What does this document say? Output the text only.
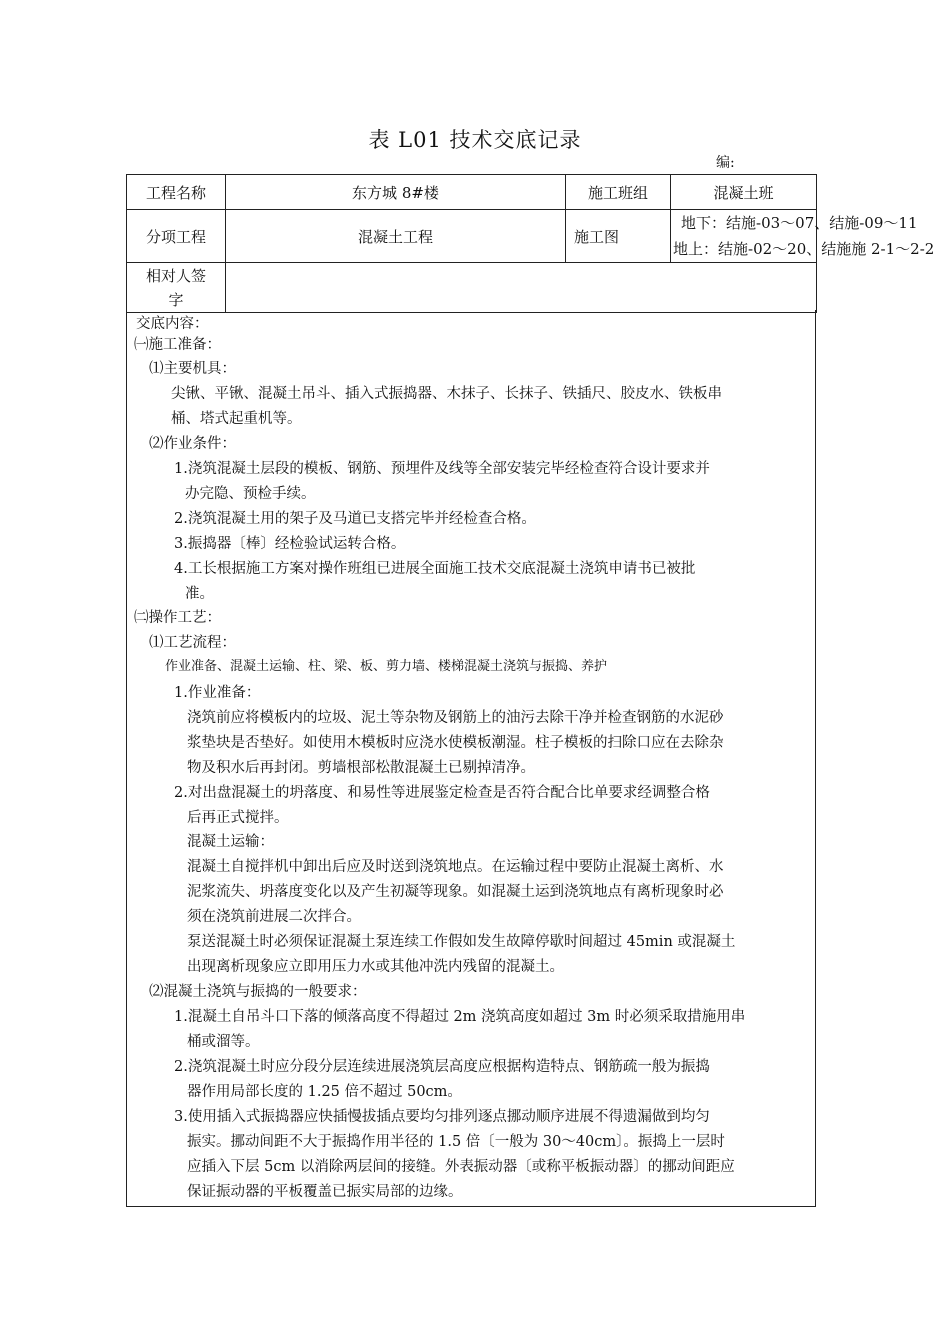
表 L01 技术交底记录
编:
工程名称	东方城 8#楼	施工班组	混凝土班
分项工程	混凝土工程	施工图	地下：结施-03～07、结施-09～11
地上：结施-02～20、结施施 2-1～2-2

相对人签
字			

交底内容：
㈠施工准备：
⑴主要机具：
尖锹、平锹、混凝土吊斗、插入式振捣器、木抹子、长抹子、铁插尺、胶皮水、铁板串
桶、塔式起重机等。
⑵作业条件：
1.浇筑混凝土层段的模板、钢筋、预埋件及线等全部安装完毕经检查符合设计要求并
办完隐、预检手续。
2.浇筑混凝土用的架子及马道已支搭完毕并经检查合格。
3.振捣器〔棒〕经检验试运转合格。
4.工长根据施工方案对操作班组已进展全面施工技术交底混凝土浇筑申请书已被批
准。
㈡操作工艺：
⑴工艺流程：
作业准备、混凝土运输、柱、梁、板、剪力墙、楼梯混凝土浇筑与振捣、养护
1.作业准备：
浇筑前应将模板内的垃圾、泥土等杂物及钢筋上的油污去除干净并检查钢筋的水泥砂
浆垫块是否垫好。如使用木模板时应浇水使模板潮湿。柱子模板的扫除口应在去除杂
物及积水后再封闭。剪墙根部松散混凝土已剔掉清净。
2.对出盘混凝土的坍落度、和易性等进展鉴定检查是否符合配合比单要求经调整合格
后再正式搅拌。
混凝土运输：
混凝土自搅拌机中卸出后应及时送到浇筑地点。在运输过程中要防止混凝土离析、水
泥浆流失、坍落度变化以及产生初凝等现象。如混凝土运到浇筑地点有离析现象时必
须在浇筑前进展二次拌合。
泵送混凝土时必须保证混凝土泵连续工作假如发生故障停歇时间超过 45min 或混凝土
出现离析现象应立即用压力水或其他冲洗内残留的混凝土。
⑵混凝土浇筑与振捣的一般要求：
1.混凝土自吊斗口下落的倾落高度不得超过 2m 浇筑高度如超过 3m 时必须采取措施用串
桶或溜等。
2.浇筑混凝土时应分段分层连续进展浇筑层高度应根据构造特点、钢筋疏一般为振捣
器作用局部长度的 1.25 倍不超过 50cm。
3.使用插入式振捣器应快插慢拔插点要均匀排列逐点挪动顺序进展不得遗漏做到均匀
振实。挪动间距不大于振捣作用半径的 1.5 倍〔一般为 30～40cm〕。振捣上一层时
应插入下层 5cm 以消除两层间的接缝。外表振动器〔或称平板振动器〕的挪动间距应
保证振动器的平板覆盖已振实局部的边缘。
